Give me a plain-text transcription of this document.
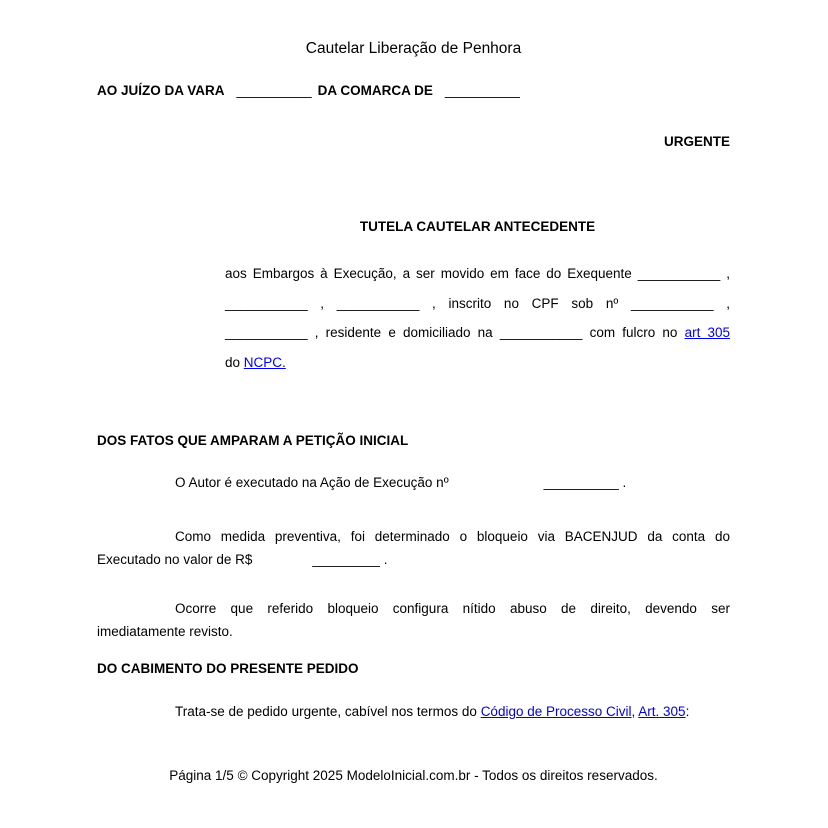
Cautelar Liberação de Penhora
AO JUÍZO DA VARA __________ DA COMARCA DE __________
URGENTE
TUTELA CAUTELAR ANTECEDENTE
aos Embargos à Execução, a ser movido em face do Exequente ___________ ,
___________ , ___________ , inscrito no CPF sob nº ___________ ,
___________ , residente e domiciliado na ___________ com fulcro no art 305
do NCPC.
DOS FATOS QUE AMPARAM A PETIÇÃO INICIAL
O Autor é executado na Ação de Execução nº	__________ .
Como medida preventiva, foi determinado o bloqueio via BACENJUD da conta do
Executado no valor de R$	_________ .
Ocorre que referido bloqueio configura nítido abuso de direito, devendo ser
imediatamente revisto.
DO CABIMENTO DO PRESENTE PEDIDO
Trata-se de pedido urgente, cabível nos termos do Código de Processo Civil, Art. 305:
Página 1/5 © Copyright 2025 ModeloInicial.com.br - Todos os direitos reservados.
